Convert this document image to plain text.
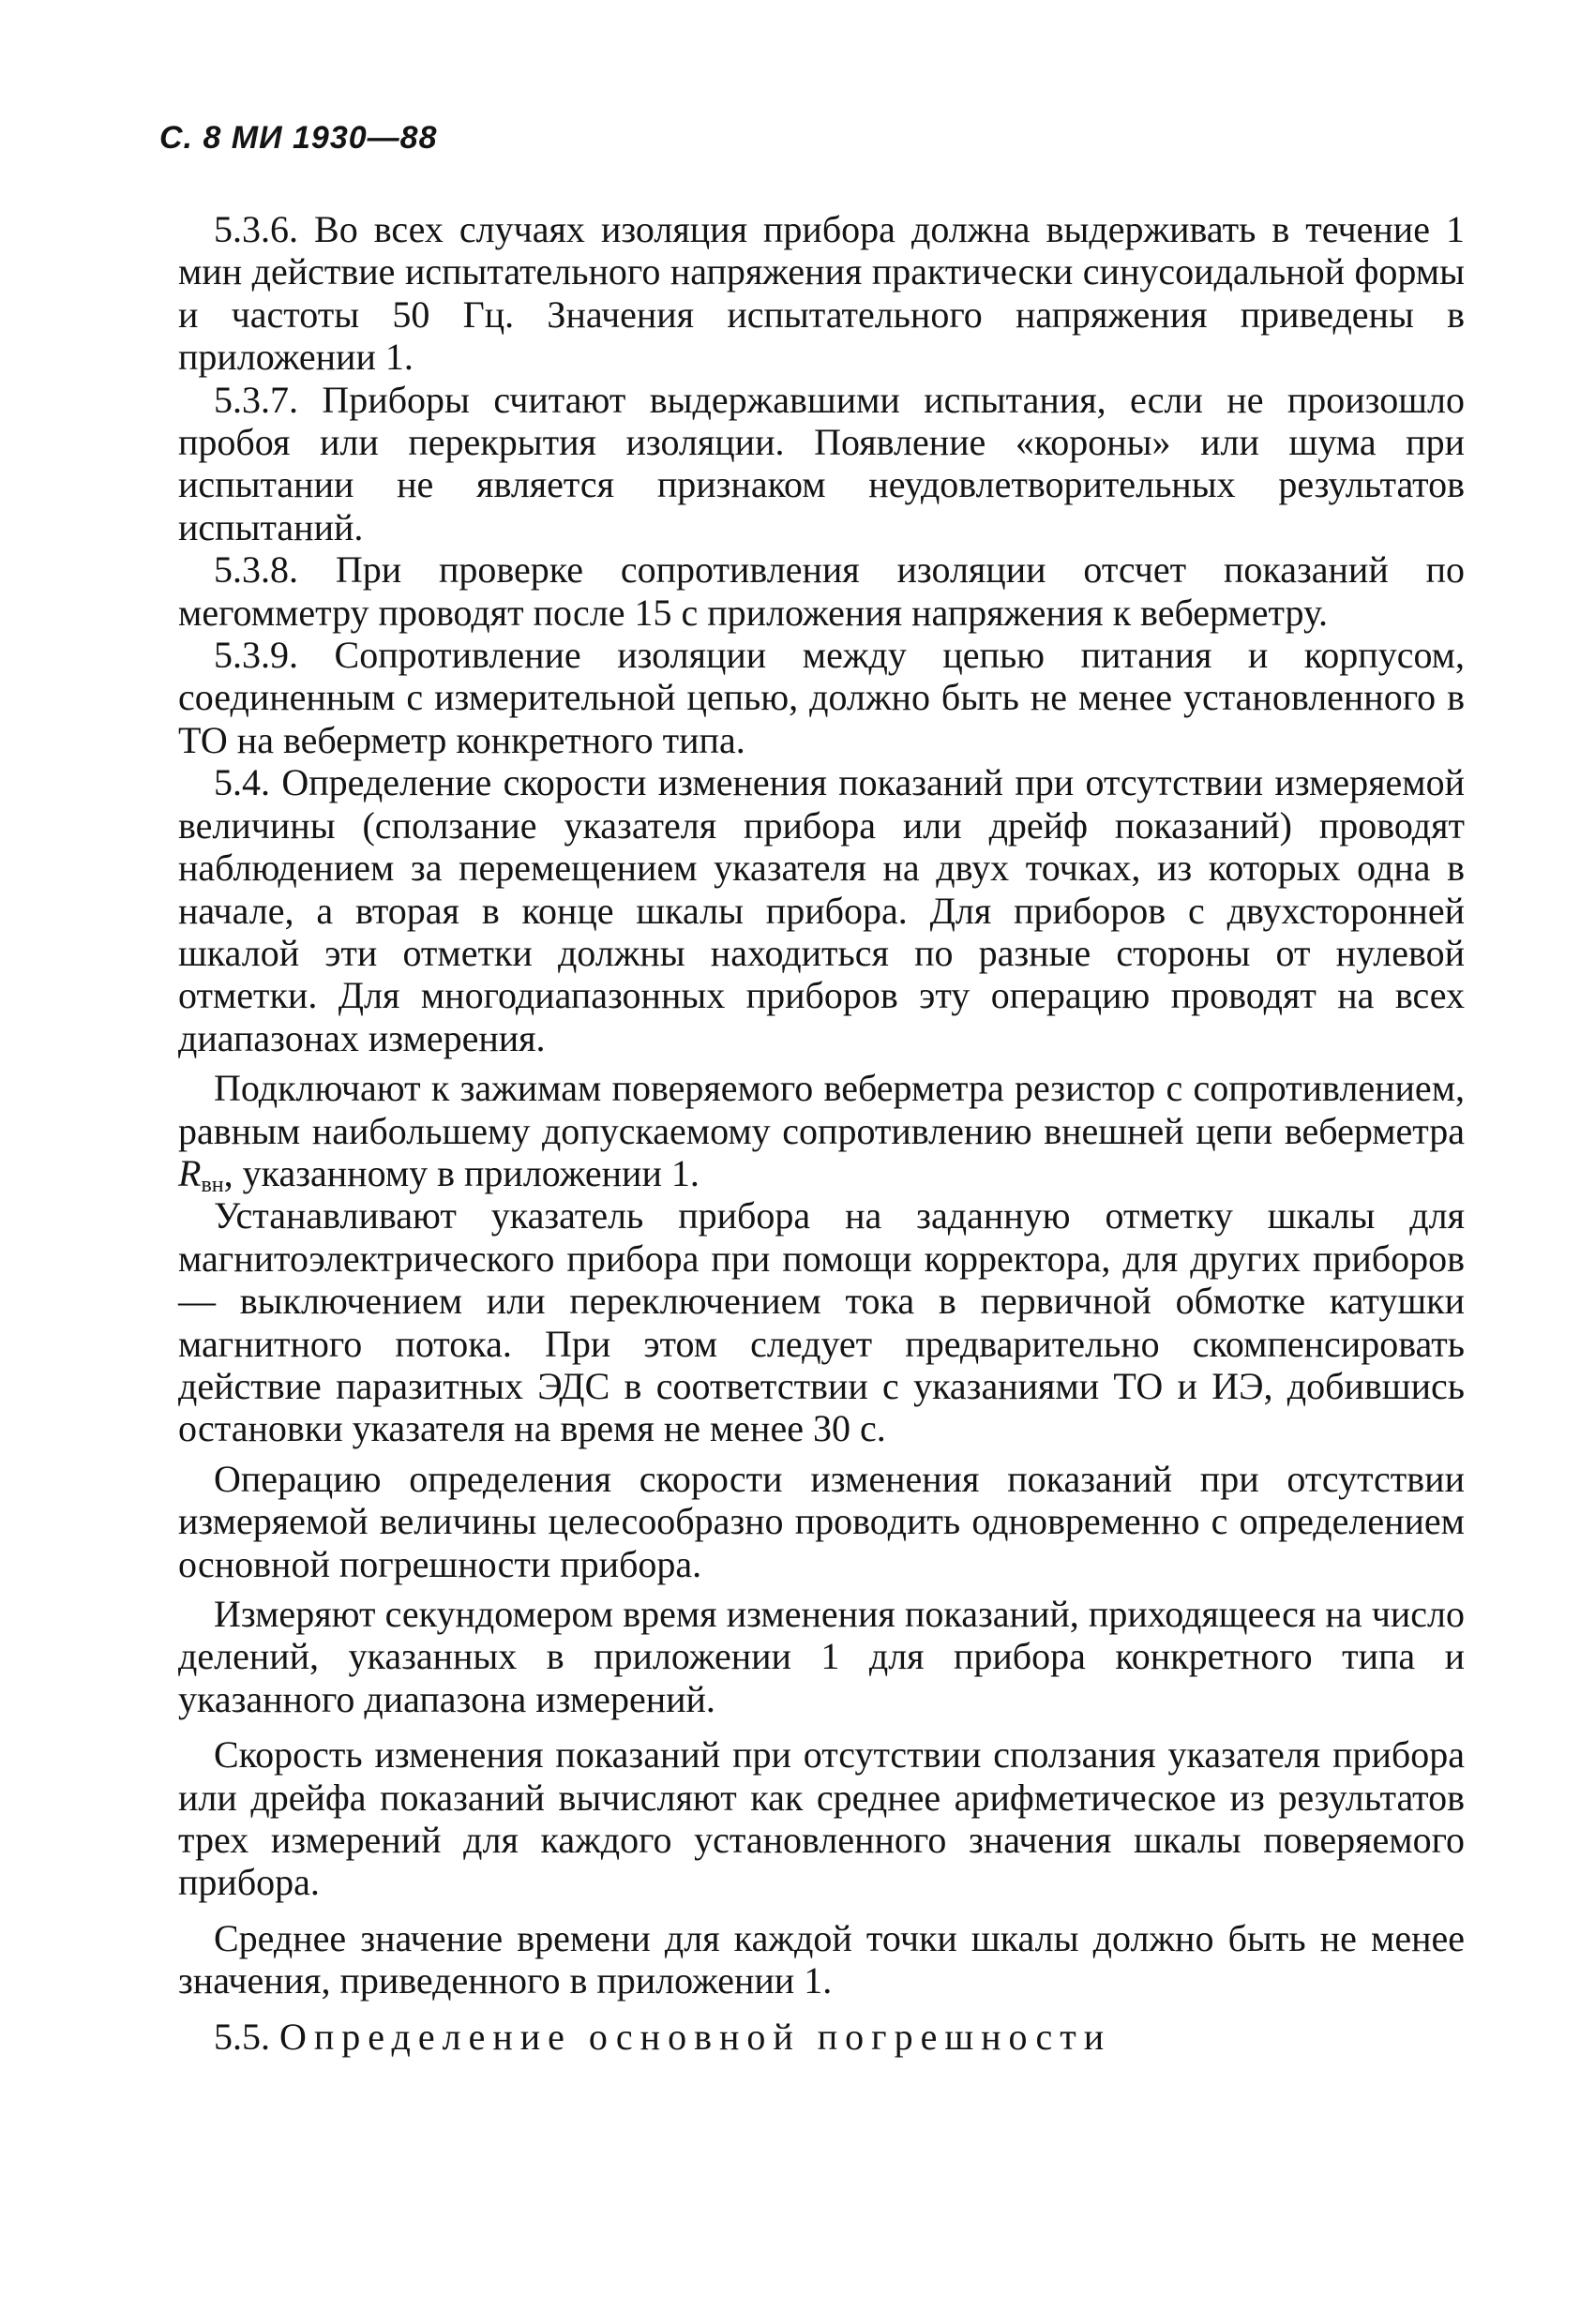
С. 8 МИ 1930—88

5.3.6. Во всех случаях изоляция прибора должна выдерживать в течение 1 мин действие испытательного напряжения практически синусоидальной формы и частоты 50 Гц. Значения испытательного напряжения приведены в приложении 1.

5.3.7. Приборы считают выдержавшими испытания, если не произошло пробоя или перекрытия изоляции. Появление «короны» или шума при испытании не является признаком неудовлетворительных результатов испытаний.

5.3.8. При проверке сопротивления изоляции отсчет показаний по мегомметру проводят после 15 с приложения напряжения к веберметру.

5.3.9. Сопротивление изоляции между цепью питания и корпусом, соединенным с измерительной цепью, должно быть не менее установленного в ТО на веберметр конкретного типа.

5.4. Определение скорости изменения показаний при отсутствии измеряемой величины (сползание указателя прибора или дрейф показаний) проводят наблюдением за перемещением указателя на двух точках, из которых одна в начале, а вторая в конце шкалы прибора. Для приборов с двухсторонней шкалой эти отметки должны находиться по разные стороны от нулевой отметки. Для многодиапазонных приборов эту операцию проводят на всех диапазонах измерения.

Подключают к зажимам поверяемого веберметра резистор с сопротивлением, равным наибольшему допускаемому сопротивлению внешней цепи веберметра $R_{вн}$, указанному в приложении 1.

Устанавливают указатель прибора на заданную отметку шкалы для магнитоэлектрического прибора при помощи корректора, для других приборов — выключением или переключением тока в первичной обмотке катушки магнитного потока. При этом следует предварительно скомпенсировать действие паразитных ЭДС в соответствии с указаниями ТО и ИЭ, добившись остановки указателя на время не менее 30 с.

Операцию определения скорости изменения показаний при отсутствии измеряемой величины целесообразно проводить одновременно с определением основной погрешности прибора.

Измеряют секундомером время изменения показаний, приходящееся на число делений, указанных в приложении 1 для прибора конкретного типа и указанного диапазона измерений.

Скорость изменения показаний при отсутствии сползания указателя прибора или дрейфа показаний вычисляют как среднее арифметическое из результатов трех измерений для каждого установленного значения шкалы поверяемого прибора.

Среднее значение времени для каждой точки шкалы должно быть не менее значения, приведенного в приложении 1.

5.5. Определение основной погрешности
